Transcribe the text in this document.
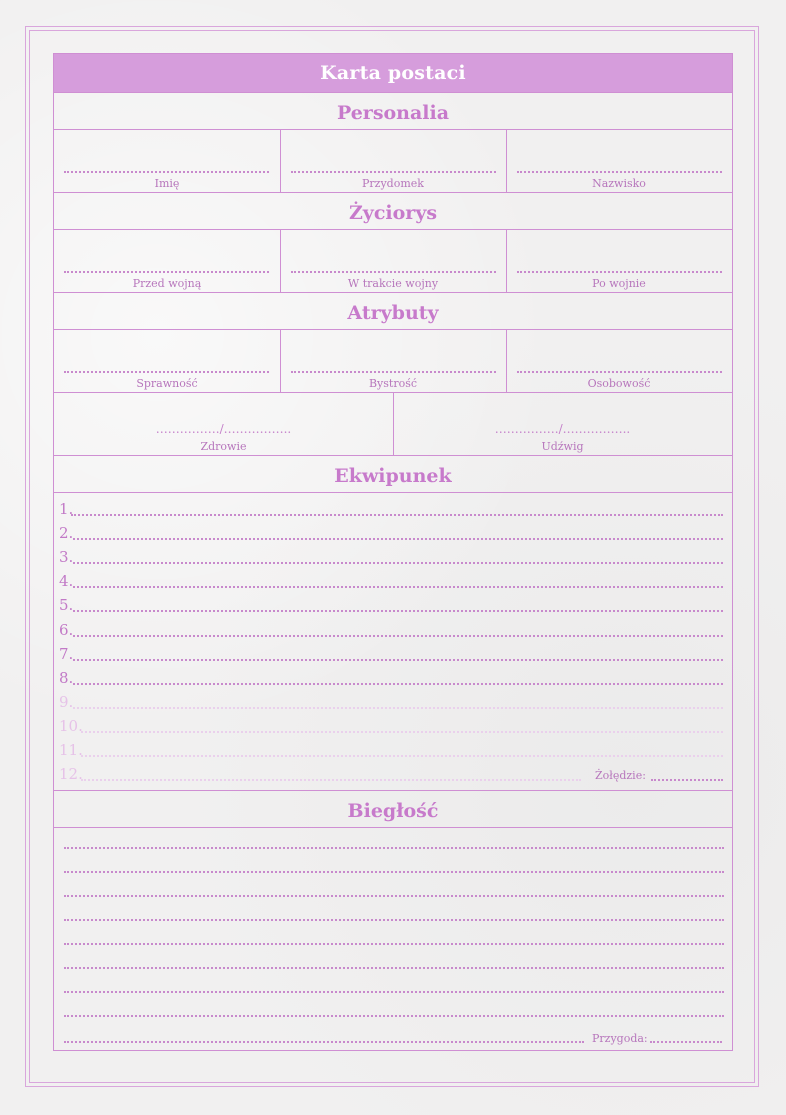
Karta postaci
Personalia
Imię	Przydomek	Nazwisko
Życiorys
Przed wojną	W trakcie wojny	Po wojnie
Atrybuty
Sprawność	Bystrość	Osobowość
……………./……………..
Zdrowie
……………./……………..
Udźwig
Ekwipunek
1.
2.
3.
4.
5.
6.
7.
8.
9.
10.
11.
12.	Żołędzie:
Biegłość
Przygoda:
